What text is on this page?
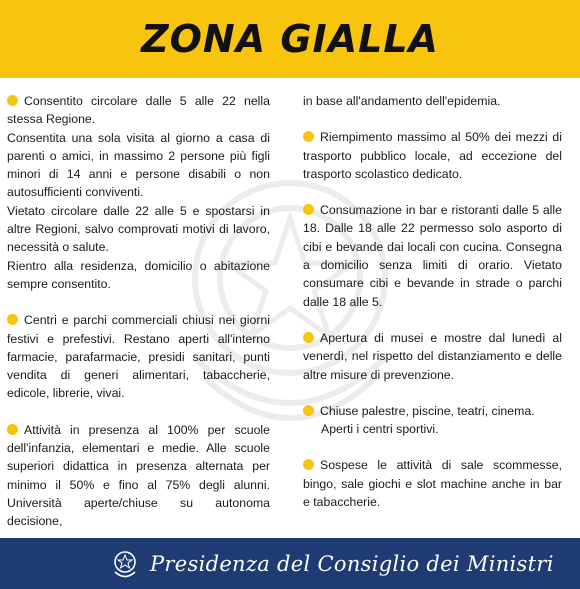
ZONA GIALLA

Consentito circolare dalle 5 alle 22 nella stessa Regione.

Consentita una sola visita al giorno a casa di parenti o amici, in massimo 2 persone più figli minori di 14 anni e persone disabili o non autosufficienti conviventi.

Vietato circolare dalle 22 alle 5 e spostarsi in altre Regioni, salvo comprovati motivi di lavoro, necessità o salute.

Rientro alla residenza, domicilio o abitazione sempre consentito.

Centri e parchi commerciali chiusi nei giorni festivi e prefestivi. Restano aperti all'interno farmacie, parafarmacie, presidi sanitari, punti vendita di generi alimentari, tabaccherie, edicole, librerie, vivai.

Attività in presenza al 100% per scuole dell'infanzia, elementari e medie. Alle scuole superiori didattica in presenza alternata per minimo il 50% e fino al 75% degli alunni. Università aperte/chiuse su autonoma decisione,

in base all'andamento dell'epidemia.

Riempimento massimo al 50% dei mezzi di trasporto pubblico locale, ad eccezione del trasporto scolastico dedicato.

Consumazione in bar e ristoranti dalle 5 alle 18. Dalle 18 alle 22 permesso solo asporto di cibi e bevande dai locali con cucina. Consegna a domicilio senza limiti di orario. Vietato consumare cibi e bevande in strade o parchi dalle 18 alle 5.

Apertura di musei e mostre dal lunedì al venerdì, nel rispetto del distanziamento e delle altre misure di prevenzione.

Chiuse palestre, piscine, teatri, cinema.

Aperti i centri sportivi.

Sospese le attività di sale scommesse, bingo, sale giochi e slot machine anche in bar e tabaccherie.

Presidenza del Consiglio dei Ministri
